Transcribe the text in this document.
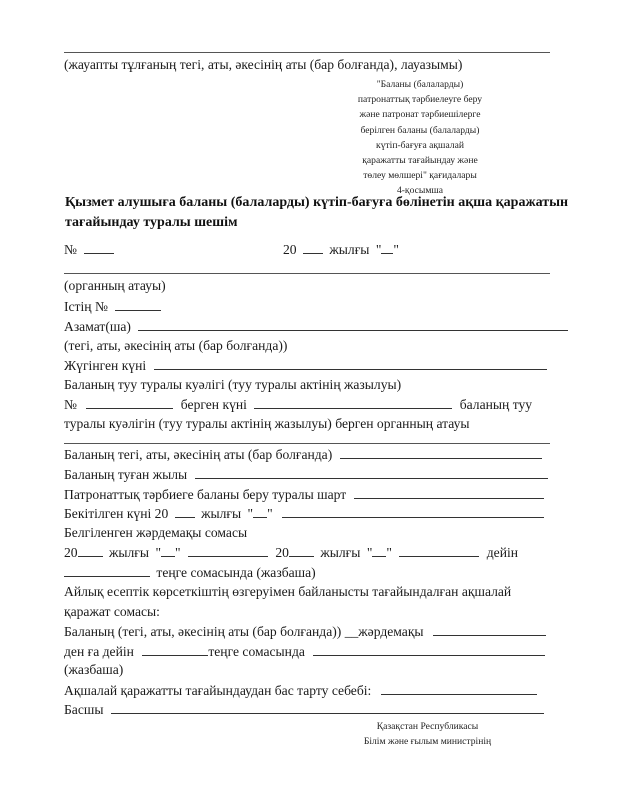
(жауапты тұлғаның тегі, аты, әкесінің аты (бар болғанда), лауазымы)
"Баланы (балаларды)
патронаттық тәрбиелеуге беру
және патронат тәрбиешілерге
берілген баланы (балаларды)
күтіп-бағуға ақшалай
қаражатты тағайындау және
төлеу мөлшері" қағидалары
4-қосымша
Қызмет алушыға баланы (балаларды) күтіп-бағуға бөлінетін ақша қаражатын тағайындау туралы шешім
№	20 жылғы " "
(органның атауы)
Істің №
Азамат(ша)
(тегі, аты, әкесінің аты (бар болғанда))
Жүгінген күні
Баланың туу туралы куәлігі (туу туралы актінің жазылуы)
№	берген күні	баланың туу
туралы куәлігін (туу туралы актінің жазылуы) берген органның атауы
Баланың тегі, аты, әкесінің аты (бар болғанда)
Баланың туған жылы
Патронаттық тәрбиеге баланы беру туралы шарт
Бекітілген күні 20 жылғы " "
Белгіленген жәрдемақы сомасы
20 жылғы " "	20 жылғы " "	дейін
теңге сомасында (жазбаша)
Айлық есептік көрсеткіштің өзгеруімен байланысты тағайындалған ақшалай
қаражат сомасы:
Баланың (тегі, аты, әкесінің аты (бар болғанда)) __жәрдемақы
ден ға дейін	теңге сомасында
(жазбаша)
Ақшалай қаражатты тағайындаудан бас тарту себебі:
Басшы
Қазақстан Республикасы
Білім және ғылым министрінің
